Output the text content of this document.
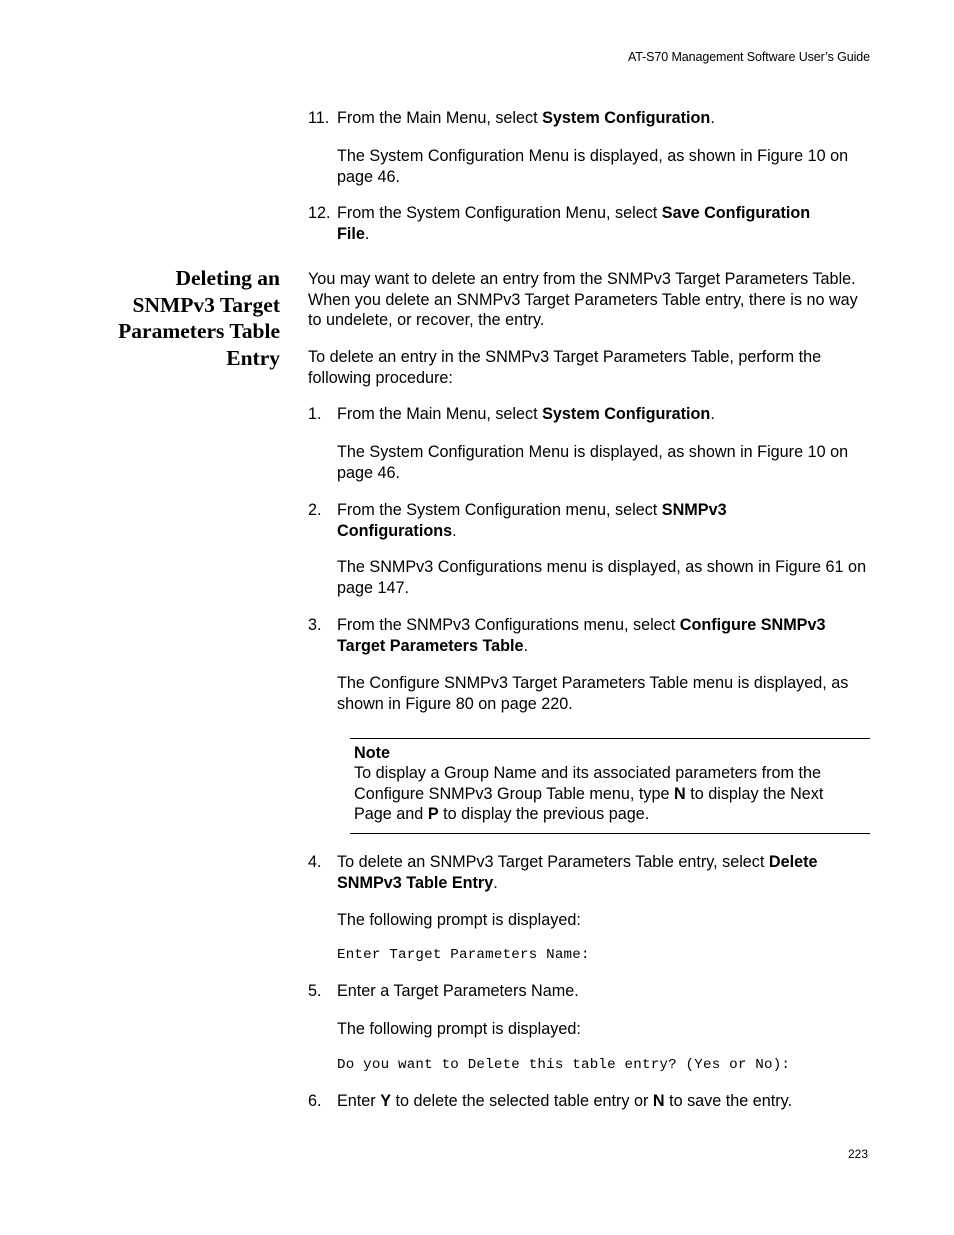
AT-S70 Management Software User’s Guide
11. From the Main Menu, select System Configuration.
The System Configuration Menu is displayed, as shown in Figure 10 on page 46.
12. From the System Configuration Menu, select Save Configuration File.
Deleting an
SNMPv3 Target
Parameters Table
Entry
You may want to delete an entry from the SNMPv3 Target Parameters Table. When you delete an SNMPv3 Target Parameters Table entry, there is no way to undelete, or recover, the entry.
To delete an entry in the SNMPv3 Target Parameters Table, perform the following procedure:
1. From the Main Menu, select System Configuration.
The System Configuration Menu is displayed, as shown in Figure 10 on page 46.
2. From the System Configuration menu, select SNMPv3 Configurations.
The SNMPv3 Configurations menu is displayed, as shown in Figure 61 on page 147.
3. From the SNMPv3 Configurations menu, select Configure SNMPv3 Target Parameters Table.
The Configure SNMPv3 Target Parameters Table menu is displayed, as shown in Figure 80 on page 220.
Note
To display a Group Name and its associated parameters from the Configure SNMPv3 Group Table menu, type N to display the Next Page and P to display the previous page.
4. To delete an SNMPv3 Target Parameters Table entry, select Delete SNMPv3 Table Entry.
The following prompt is displayed:
Enter Target Parameters Name:
5. Enter a Target Parameters Name.
The following prompt is displayed:
Do you want to Delete this table entry? (Yes or No):
6. Enter Y to delete the selected table entry or N to save the entry.
223
